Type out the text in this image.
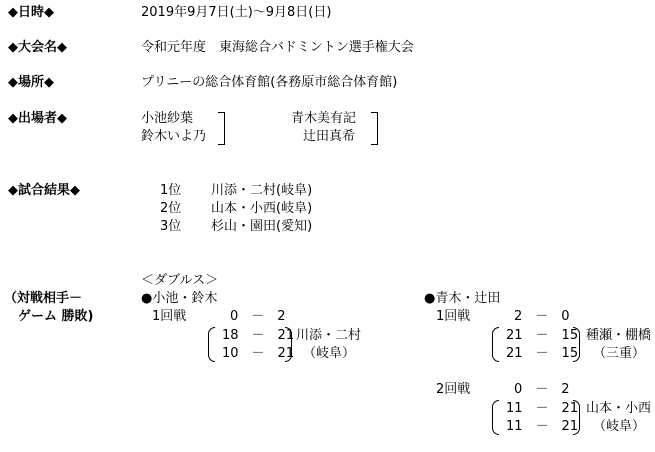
◆日時◆	2019年9月7日(土)～9月8日(日)
◆大会名◆	令和元年度　東海総合バドミントン選手権大会
◆場所◆	プリニーの総合体育館(各務原市総合体育館)
◆出場者◆	小池紗葉
鈴木いよ乃
青木美有記
辻田真希
◆試合結果◆	1位 川添・二村(岐阜)
2位 山本・小西(岐阜)
3位 杉山・園田(愛知)
（対戦相手－
ゲーム 勝敗)
＜ダブルス＞
●小池・鈴木
1回戦	0　－　2
18　－　21
10　－　21
川添・二村
（岐阜）
●青木・辻田
1回戦	2　－　0
21　－　15
21　－　15
種瀬・棚橋
（三重）
2回戦	0　－　2
11　－　21
11　－　21
山本・小西
（岐阜）
